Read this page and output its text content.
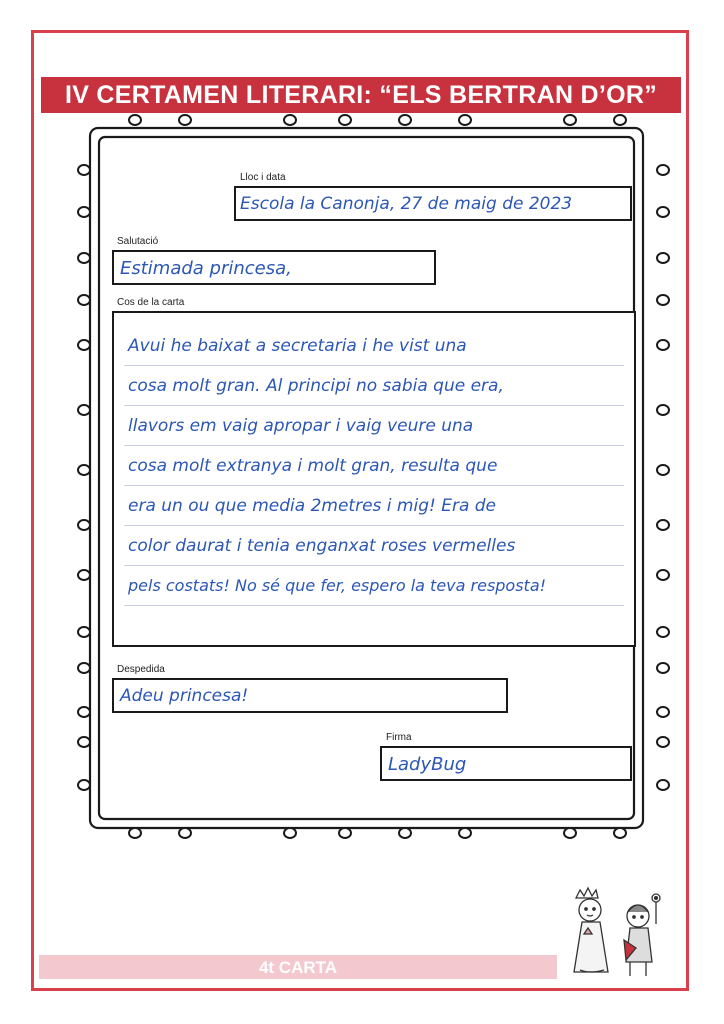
IV CERTAMEN LITERARI: “ELS BERTRAN D’OR”
Lloc i data
Escola la Canonja, 27 de maig de 2023
Salutació
Estimada princesa,
Cos de la carta
Avui he baixat a secretaria i he vist una
cosa molt gran. Al principi no sabia que era,
llavors em vaig apropar i vaig veure una
cosa molt extranya i molt gran, resulta que
era un ou que media 2metres i mig! Era de
color daurat i tenia enganxat roses vermelles
pels costats! No sé que fer, espero la teva resposta!
Despedida
Adeu princesa!
Firma
LadyBug
4t CARTA
